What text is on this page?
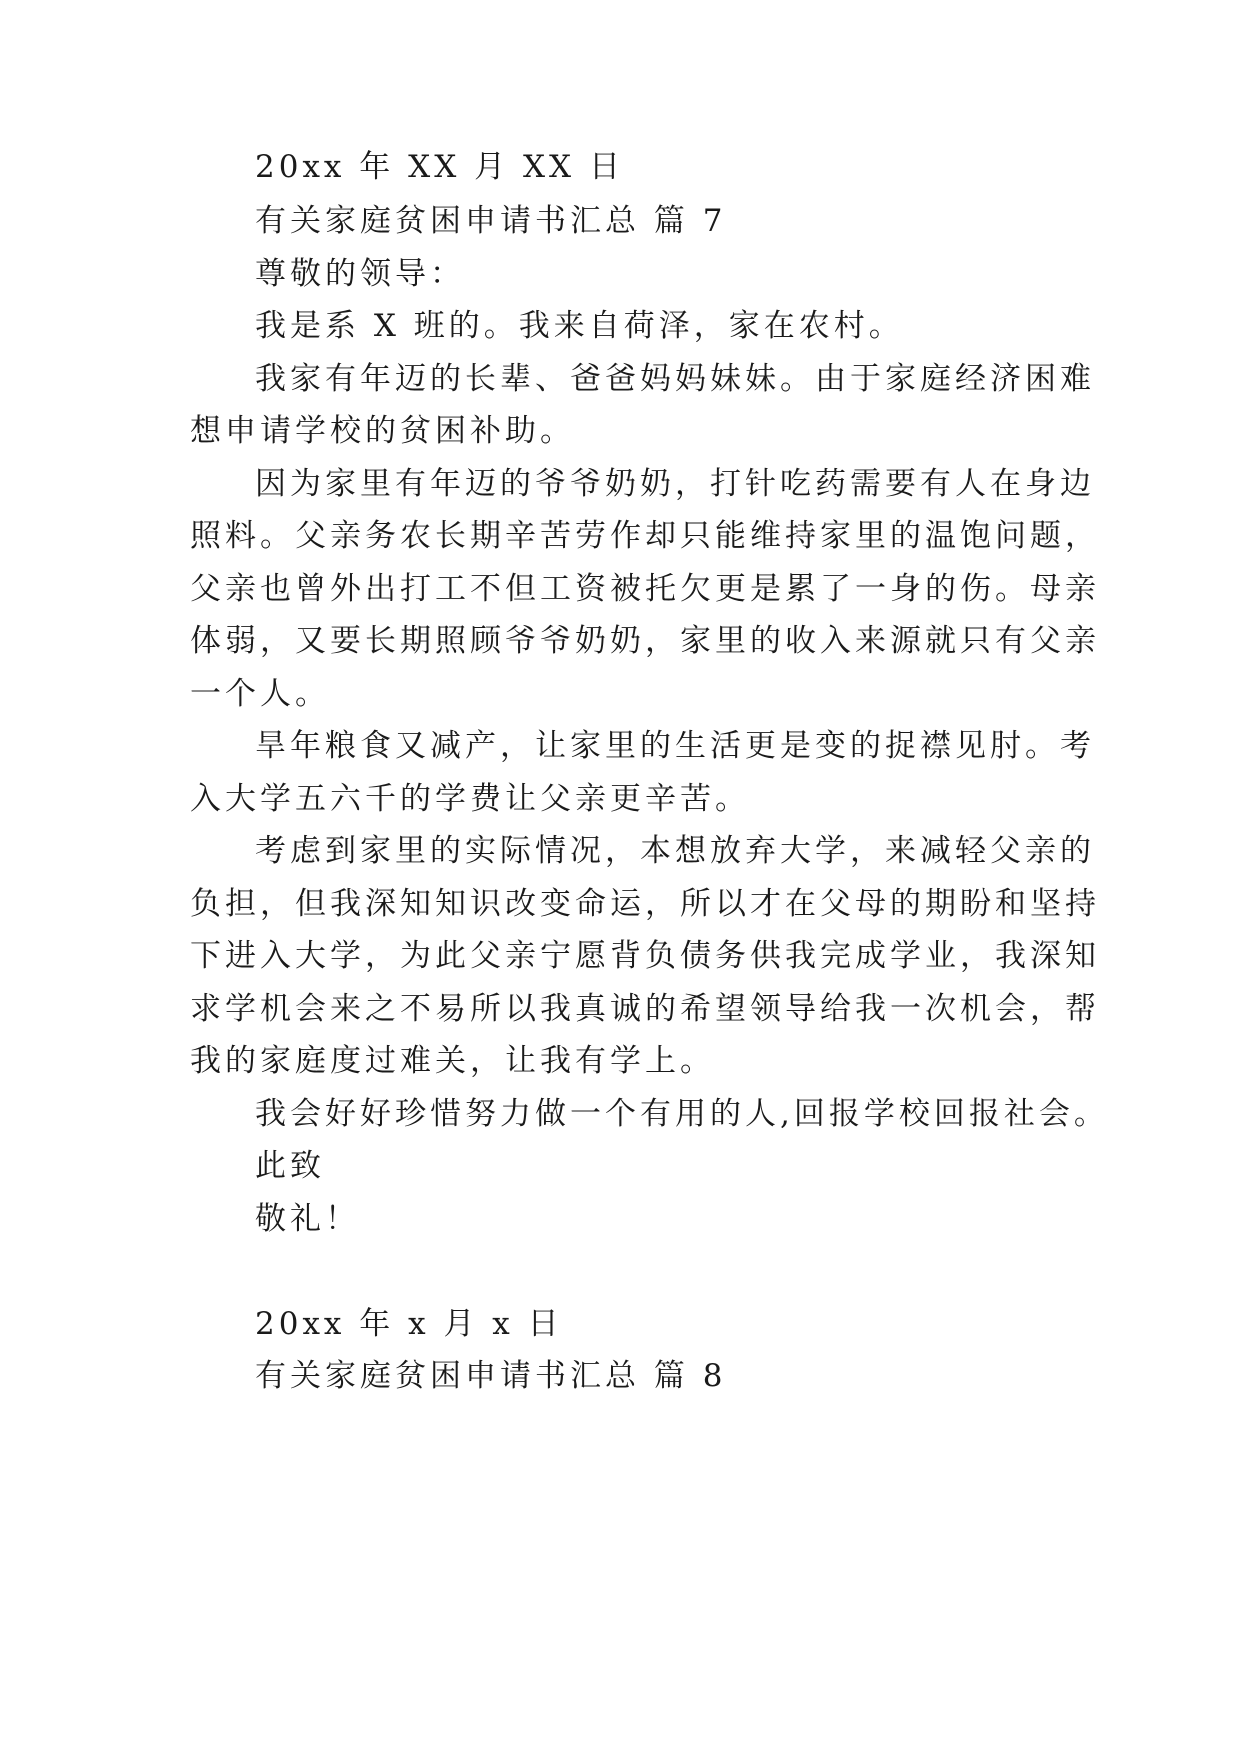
20xx 年 XX 月 XX 日
有关家庭贫困申请书汇总 篇 7
尊敬的领导：
我是系 X 班的。我来自荷泽，家在农村。
我家有年迈的长辈、爸爸妈妈妹妹。由于家庭经济困难
想申请学校的贫困补助。
因为家里有年迈的爷爷奶奶，打针吃药需要有人在身边
照料。父亲务农长期辛苦劳作却只能维持家里的温饱问题，
父亲也曾外出打工不但工资被托欠更是累了一身的伤。母亲
体弱，又要长期照顾爷爷奶奶，家里的收入来源就只有父亲
一个人。
旱年粮食又减产，让家里的生活更是变的捉襟见肘。考
入大学五六千的学费让父亲更辛苦。
考虑到家里的实际情况，本想放弃大学，来减轻父亲的
负担，但我深知知识改变命运，所以才在父母的期盼和坚持
下进入大学，为此父亲宁愿背负债务供我完成学业，我深知
求学机会来之不易所以我真诚的希望领导给我一次机会，帮
我的家庭度过难关，让我有学上。
我会好好珍惜努力做一个有用的人,回报学校回报社会。
此致
敬礼！
20xx 年 x 月 x 日
有关家庭贫困申请书汇总 篇 8
